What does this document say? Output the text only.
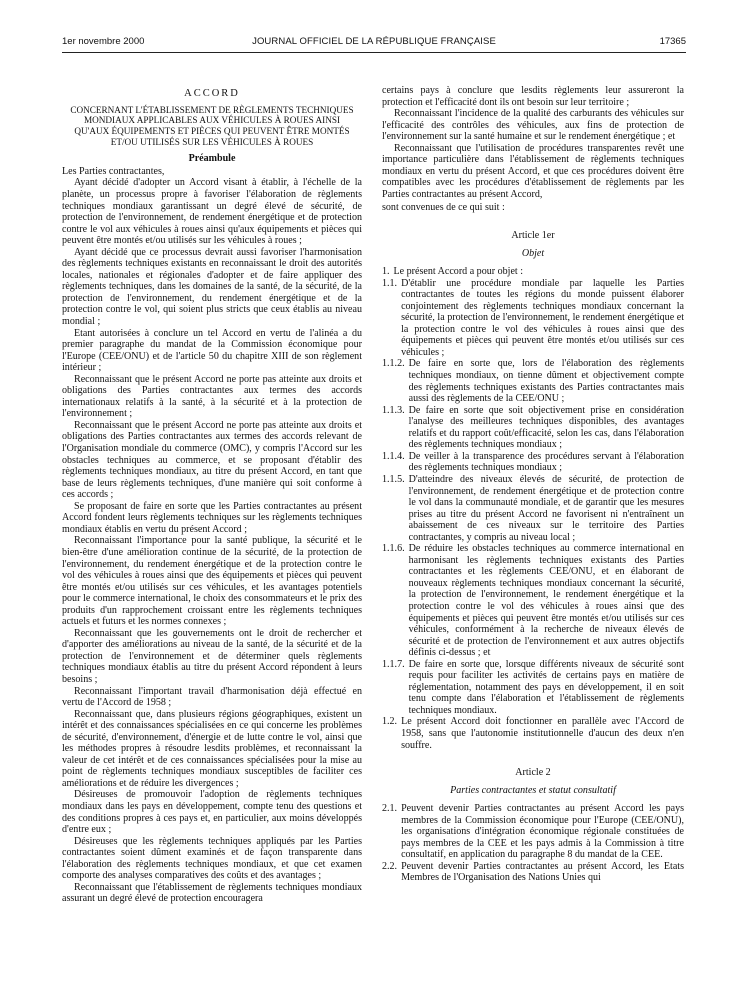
1er novembre 2000	JOURNAL OFFICIEL DE LA RÉPUBLIQUE FRANÇAISE	17365
ACCORD
CONCERNANT L'ÉTABLISSEMENT DE RÈGLEMENTS TECHNIQUES MONDIAUX APPLICABLES AUX VÉHICULES À ROUES AINSI QU'AUX ÉQUIPEMENTS ET PIÈCES QUI PEUVENT ÊTRE MONTÉS ET/OU UTILISÉS SUR LES VÉHICULES À ROUES
Préambule

Les Parties contractantes,

Ayant décidé d'adopter un Accord visant à établir, à l'échelle de la planète, un processus propre à favoriser l'élaboration de règlements techniques mondiaux garantissant un degré élevé de sécurité, de protection de l'environnement, de rendement énergétique et de protection contre le vol aux véhicules à roues ainsi qu'aux équipements et pièces qui peuvent être montés et/ou utilisés sur les véhicules à roues ;

Ayant décidé que ce processus devrait aussi favoriser l'harmonisation des règlements techniques existants en reconnaissant le droit des autorités locales, nationales et régionales d'adopter et de faire appliquer des règlements techniques, dans les domaines de la santé, de la sécurité, de la protection de l'environnement, du rendement énergétique et de la protection contre le vol, qui soient plus stricts que ceux établis au niveau mondial ;

Etant autorisées à conclure un tel Accord en vertu de l'alinéa a du premier paragraphe du mandat de la Commission économique pour l'Europe (CEE/ONU) et de l'article 50 du chapitre XIII de son règlement intérieur ;

Reconnaissant que le présent Accord ne porte pas atteinte aux droits et obligations des Parties contractantes aux termes des accords internationaux relatifs à la santé, à la sécurité et à la protection de l'environnement ;

Reconnaissant que le présent Accord ne porte pas atteinte aux droits et obligations des Parties contractantes aux termes des accords relevant de l'Organisation mondiale du commerce (OMC), y compris l'Accord sur les obstacles techniques au commerce, et se proposant d'établir des règlements techniques mondiaux, au titre du présent Accord, en tant que base de leurs règlements techniques, d'une manière qui soit conforme à ces accords ;

Se proposant de faire en sorte que les Parties contractantes au présent Accord fondent leurs règlements techniques sur les règlements techniques mondiaux établis en vertu du présent Accord ;

Reconnaissant l'importance pour la santé publique, la sécurité et le bien-être d'une amélioration continue de la sécurité, de la protection de l'environnement, du rendement énergétique et de la protection contre le vol des véhicules à roues ainsi que des équipements et pièces qui peuvent être montés et/ou utilisés sur ces véhicules, et les avantages potentiels pour le commerce international, le choix des consommateurs et le prix des produits d'un rapprochement croissant entre les règlements techniques actuels et futurs et les normes connexes ;

Reconnaissant que les gouvernements ont le droit de rechercher et d'apporter des améliorations au niveau de la santé, de la sécurité et de la protection de l'environnement et de déterminer quels règlements techniques mondiaux établis au titre du présent Accord répondent à leurs besoins ;

Reconnaissant l'important travail d'harmonisation déjà effectué en vertu de l'Accord de 1958 ;

Reconnaissant que, dans plusieurs régions géographiques, existent un intérêt et des connaissances spécialisées en ce qui concerne les problèmes de sécurité, d'environnement, d'énergie et de lutte contre le vol, ainsi que les méthodes propres à résoudre lesdits problèmes, et reconnaissant la valeur de cet intérêt et de ces connaissances spécialisées pour la mise au point de règlements techniques mondiaux susceptibles de faciliter ces améliorations et de réduire les divergences ;

Désireuses de promouvoir l'adoption de règlements techniques mondiaux dans les pays en développement, compte tenu des questions et des conditions propres à ces pays et, en particulier, aux moins développés d'entre eux ;

Désireuses que les règlements techniques appliqués par les Parties contractantes soient dûment examinés et de façon transparente dans l'élaboration des règlements techniques mondiaux, et que cet examen comporte des analyses comparatives des coûts et des avantages ;

Reconnaissant que l'établissement de règlements techniques mondiaux assurant un degré élevé de protection encouragera

certains pays à conclure que lesdits règlements leur assureront la protection et l'efficacité dont ils ont besoin sur leur territoire ;

Reconnaissant l'incidence de la qualité des carburants des véhicules sur l'efficacité des contrôles des véhicules, aux fins de protection de l'environnement sur la santé humaine et sur le rendement énergétique ; et

Reconnaissant que l'utilisation de procédures transparentes revêt une importance particulière dans l'établissement de règlements techniques mondiaux en vertu du présent Accord, et que ces procédures doivent être compatibles avec les procédures d'établissement de règlements par les Parties contractantes au présent Accord,

sont convenues de ce qui suit :

Article 1er
Objet
1. Le présent Accord a pour objet :
1.1. D'établir une procédure mondiale par laquelle les Parties contractantes de toutes les régions du monde puissent élaborer conjointement des règlements techniques mondiaux concernant la sécurité, la protection de l'environnement, le rendement énergétique et la protection contre le vol des véhicules à roues ainsi que des équipements et pièces qui peuvent être montés et/ou utilisés sur ces véhicules ;
1.1.2. De faire en sorte que, lors de l'élaboration des règlements techniques mondiaux, on tienne dûment et objectivement compte des règlements techniques existants des Parties contractantes mais aussi des règlements de la CEE/ONU ;
1.1.3. De faire en sorte que soit objectivement prise en considération l'analyse des meilleures techniques disponibles, des avantages relatifs et du rapport coût/efficacité, selon les cas, dans l'élaboration des règlements techniques mondiaux ;
1.1.4. De veiller à la transparence des procédures servant à l'élaboration des règlements techniques mondiaux ;
1.1.5. D'atteindre des niveaux élevés de sécurité, de protection de l'environnement, de rendement énergétique et de protection contre le vol dans la communauté mondiale, et de garantir que les mesures prises au titre du présent Accord ne favorisent ni n'entraînent un abaissement de ces niveaux sur le territoire des Parties contractantes, y compris au niveau local ;
1.1.6. De réduire les obstacles techniques au commerce international en harmonisant les règlements techniques existants des Parties contractantes et les règlements CEE/ONU, et en élaborant de nouveaux règlements techniques mondiaux concernant la sécurité, la protection de l'environnement, le rendement énergétique et la protection contre le vol des véhicules à roues ainsi que des équipements et pièces qui peuvent être montés et/ou utilisés sur ces véhicules, conformément à la recherche de niveaux élevés de sécurité et de protection de l'environnement et aux autres objectifs définis ci-dessus ; et
1.1.7. De faire en sorte que, lorsque différents niveaux de sécurité sont requis pour faciliter les activités de certains pays en matière de réglementation, notamment des pays en développement, il en soit tenu compte dans l'élaboration et l'établissement de règlements techniques mondiaux.
1.2. Le présent Accord doit fonctionner en parallèle avec l'Accord de 1958, sans que l'autonomie institutionnelle d'aucun des deux n'en souffre.
Article 2
Parties contractantes et statut consultatif
2.1. Peuvent devenir Parties contractantes au présent Accord les pays membres de la Commission économique pour l'Europe (CEE/ONU), les organisations d'intégration économique régionale constituées de pays membres de la CEE et les pays admis à la Commission à titre consultatif, en application du paragraphe 8 du mandat de la CEE.
2.2. Peuvent devenir Parties contractantes au présent Accord, les Etats Membres de l'Organisation des Nations Unies qui
